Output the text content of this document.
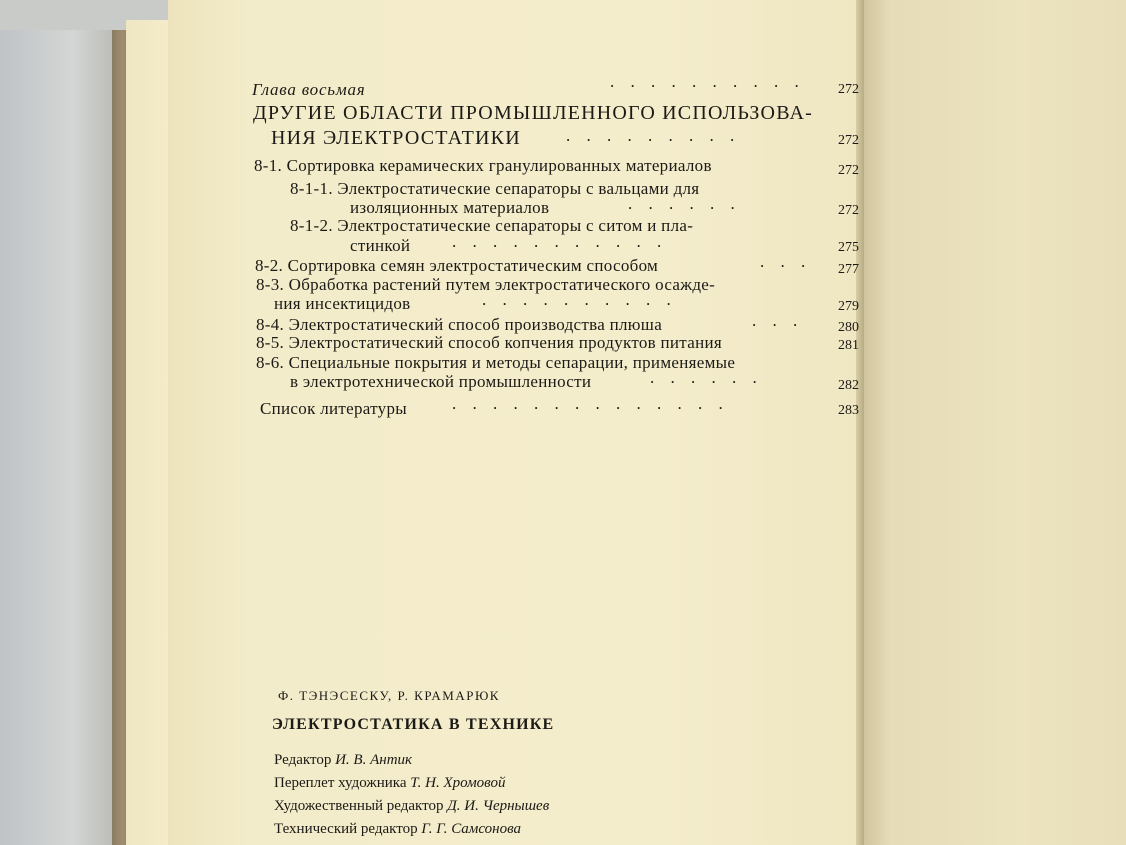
Глава восьмая	. . . . . . . . . . 272
ДРУГИЕ ОБЛАСТИ ПРОМЫШЛЕННОГО ИСПОЛЬЗОВА-
НИЯ ЭЛЕКТРОСТАТИКИ	. . . . . . . . .	272
8-1. Сортировка керамических гранулированных материалов	272
8-1-1. Электростатические сепараторы с вальцами для
изоляционных материалов	. . . . . .	272
8-1-2. Электростатические сепараторы с ситом и пла-
стинкой . . . . . . . . . . .	275
8-2. Сортировка семян электростатическим способом	. . . 277
8-3. Обработка растений путем электростатического осажде-
ния инсектицидов	. . . . . . . . . .	279
8-4. Электростатический способ производства плюша	. . . 280
8-5. Электростатический способ копчения продуктов питания	281
8-6. Специальные покрытия и методы сепарации, применяемые
в электротехнической промышленности	. . . . . .	282
Список литературы	. . . . . . . . . . . . . .	283
Ф. ТЭНЭСЕСКУ, Р. КРАМАРЮК
ЭЛЕКТРОСТАТИКА В ТЕХНИКЕ
Редактор И. В. Антик
Переплет художника Т. Н. Хромовой
Художественный редактор Д. И. Чернышев
Технический редактор Г. Г. Самсонова
